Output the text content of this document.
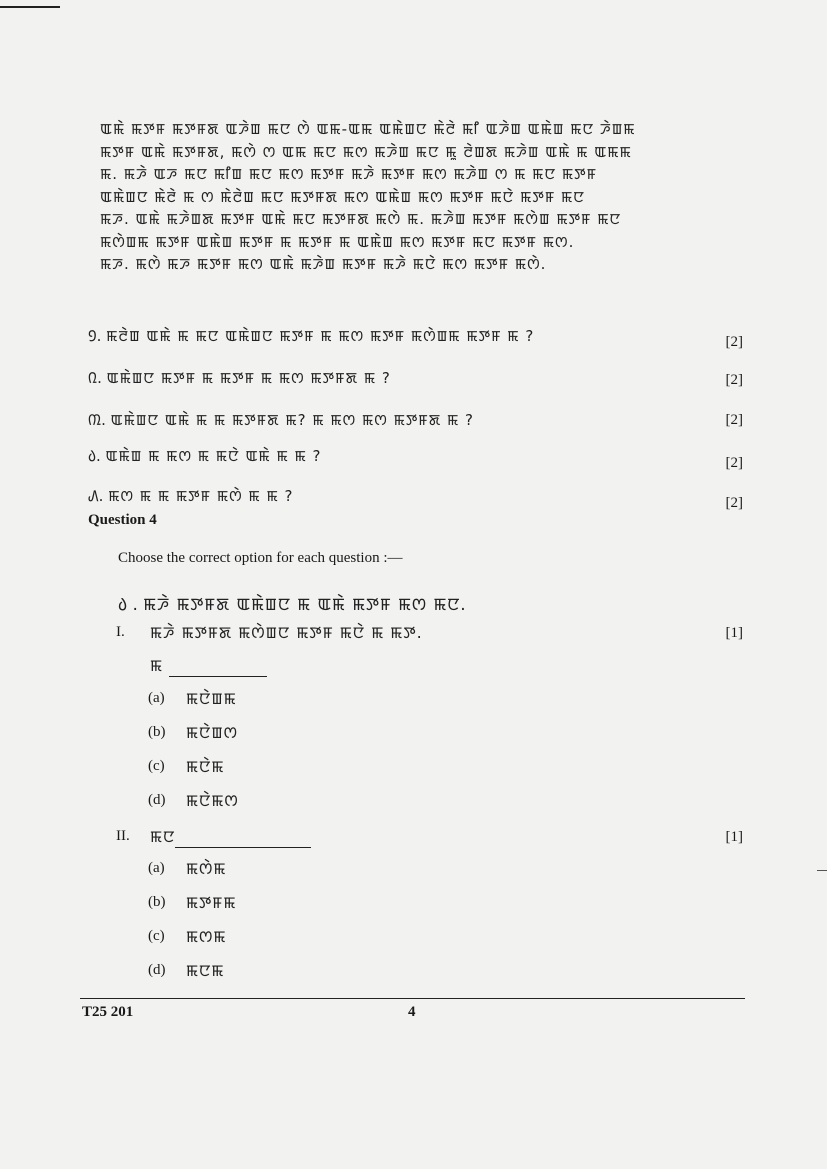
ꯑꯃꯥ ꯃꯇꯝ ꯃꯇꯝꯗ ꯑꯍꯥꯡ ꯃꯅ ꯁꯥ ꯑꯃ-ꯑꯃ ꯑꯃꯥꯡꯅ ꯃꯥꯂꯥ ꯃꯤ ꯑꯍꯥꯡ ꯑꯃꯥꯡ ꯃꯅ ꯍꯥꯡꯃ
ꯃꯇꯝ ꯑꯃꯥ ꯃꯇꯝꯗ, ꯃꯁꯥ ꯁ ꯑꯃ ꯃꯅ ꯃꯁ ꯃꯍꯥꯡ ꯃꯅ ꯃꯨ ꯂꯥꯡꯗ ꯃꯍꯥꯡ ꯑꯃꯥ ꯃ ꯑꯃꯃ
ꯃ. ꯃꯍꯥ ꯑꯍ ꯃꯅ ꯃꯤꯡ ꯃꯅ ꯃꯁ ꯃꯇꯝ ꯃꯍꯥ ꯃꯇꯝ ꯃꯁ ꯃꯍꯥꯡ ꯁ ꯃ ꯃꯅ ꯃꯇꯝ
ꯑꯃꯥꯡꯅ ꯃꯥꯂꯥ ꯃ ꯁ ꯃꯥꯂꯥꯡ ꯃꯅ ꯃꯇꯝꯗ ꯃꯁ ꯑꯃꯥꯡ ꯃꯁ ꯃꯇꯝ ꯃꯅꯥ ꯃꯇꯝ ꯃꯅ
ꯃꯍ. ꯑꯃꯥ ꯃꯍꯥꯡꯗ ꯃꯇꯝ ꯑꯃꯥ ꯃꯅ ꯃꯇꯝꯗ ꯃꯁꯥ ꯃ. ꯃꯍꯥꯡ ꯃꯇꯝ ꯃꯁꯥꯡ ꯃꯇꯝ ꯃꯅ
ꯃꯁꯥꯡꯃ ꯃꯇꯝ ꯑꯃꯥꯡ ꯃꯇꯝ ꯃ ꯃꯇꯝ ꯃ ꯑꯃꯥꯡ ꯃꯁ ꯃꯇꯝ ꯃꯅ ꯃꯇꯝ ꯃꯁ.
ꯃꯍ. ꯃꯁꯥ ꯃꯍ ꯃꯇꯝ ꯃꯁ ꯑꯃꯥ ꯃꯍꯥꯡ ꯃꯇꯝ ꯃꯍꯥ ꯃꯅꯥ ꯃꯁ ꯃꯇꯝ ꯃꯁꯥ.
᠑. ꯃꯂꯥꯡ ꯑꯃꯥ ꯃ ꯃꯅ ꯑꯃꯥꯡꯅ ꯃꯇꯝ ꯃ ꯃꯁ ꯃꯇꯝ ꯃꯁꯥꯡꯃ ꯃꯇꯝ ꯃ ?	[2]
᠒. ꯑꯃꯥꯡꯅ ꯃꯇꯝ ꯃ ꯃꯇꯝ ꯃ ꯃꯁ ꯃꯇꯝꯗ ꯃ ?	[2]
᠓. ꯑꯃꯥꯡꯅ ꯑꯃꯥ ꯃ ꯃ ꯃꯇꯝꯗ ꯃ? ꯃ ꯃꯁ ꯃꯁ ꯃꯇꯝꯗ ꯃ ?	[2]
᠔. ꯑꯃꯥꯡ ꯃ ꯃꯁ ꯃ ꯃꯅꯥ ꯑꯃꯥ ꯃ ꯃ ?	[2]
᠕. ꯃꯁ ꯃ ꯃ ꯃꯇꯝ ꯃꯁꯥ ꯃ ꯃ ?	[2]
Question 4
Choose the correct option for each question :—
᠔ . ꯃꯍꯥ ꯃꯇꯝꯗ ꯑꯃꯥꯡꯅ ꯃ ꯑꯃꯥ ꯃꯇꯝ ꯃꯁ ꯃꯅ.
I. ꯃꯍꯥ ꯃꯇꯝꯗ ꯃꯁꯥꯡꯅ ꯃꯇꯝ ꯃꯅꯥ ꯃ ꯃꯇ.	[1]
ꯃ
(a) ꯃꯅꯥꯡꯃ
(b) ꯃꯅꯥꯡꯁ
(c) ꯃꯅꯥꯃ
(d) ꯃꯅꯥꯃꯁ
II. ꯃꯅ	[1]
(a) ꯃꯁꯥꯃ
(b) ꯃꯇꯝꯃ
(c) ꯃꯁꯃ
(d) ꯃꯅꯃ
T25 201	4
